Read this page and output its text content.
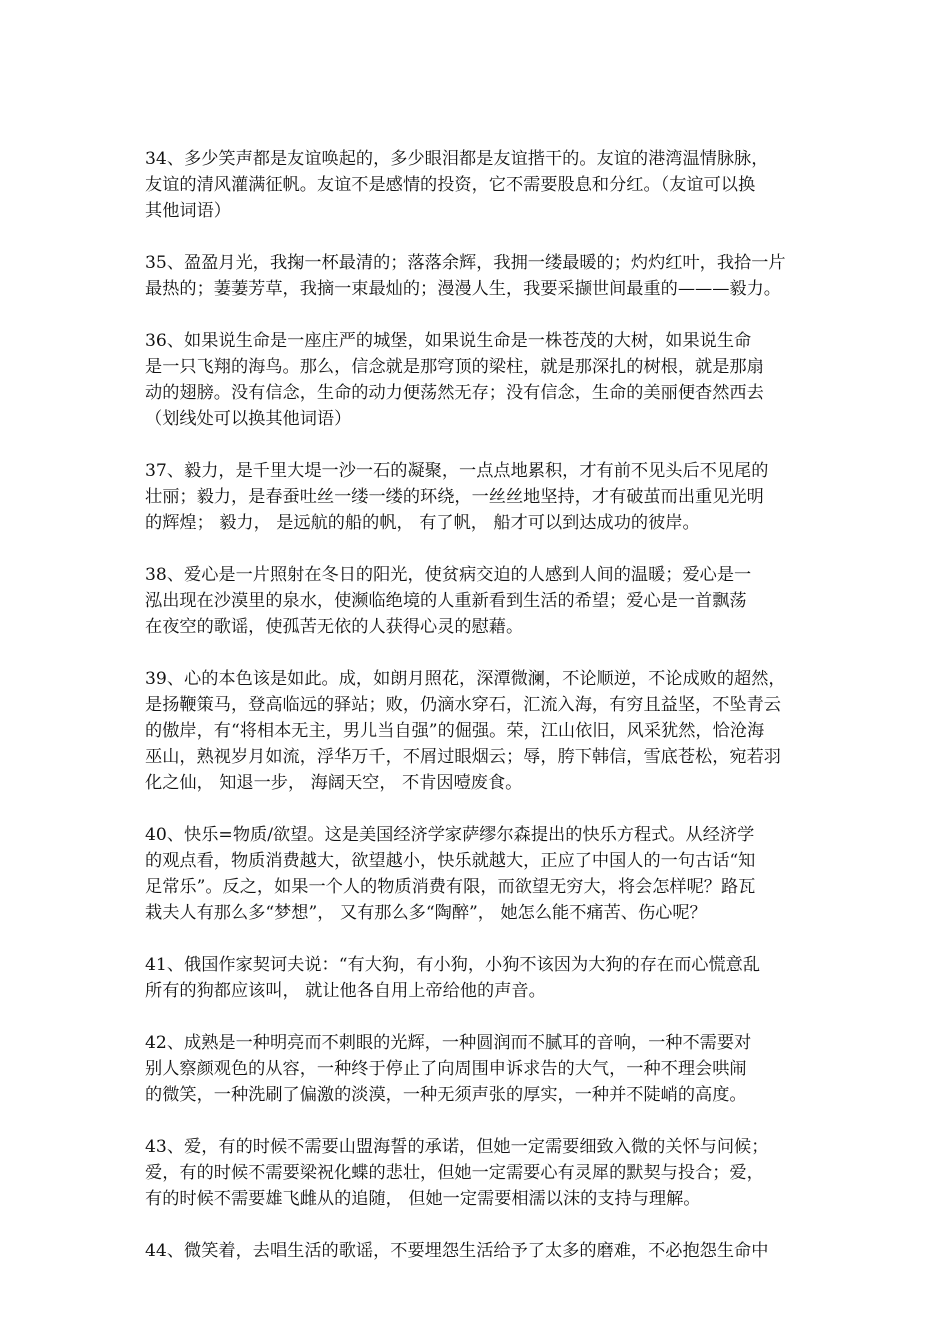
34、多少笑声都是友谊唤起的，多少眼泪都是友谊揩干的。友谊的港湾温情脉脉，
友谊的清风灌满征帆。友谊不是感情的投资，它不需要股息和分红。（友谊可以换
其他词语）

35、盈盈月光，我掬一杯最清的；落落余辉，我拥一缕最暖的；灼灼红叶，我拾一片
最热的；萋萋芳草，我摘一束最灿的；漫漫人生，我要采撷世间最重的———毅力。

36、如果说生命是一座庄严的城堡，如果说生命是一株苍茂的大树，如果说生命
是一只飞翔的海鸟。那么，信念就是那穹顶的梁柱，就是那深扎的树根，就是那扇
动的翅膀。没有信念，生命的动力便荡然无存；没有信念，生命的美丽便杳然西去
（划线处可以换其他词语）

37、毅力，是千里大堤一沙一石的凝聚，一点点地累积，才有前不见头后不见尾的
壮丽；毅力，是春蚕吐丝一缕一缕的环绕，一丝丝地坚持，才有破茧而出重见光明
的辉煌； 毅力， 是远航的船的帆， 有了帆， 船才可以到达成功的彼岸。

38、爱心是一片照射在冬日的阳光，使贫病交迫的人感到人间的温暖；爱心是一
泓出现在沙漠里的泉水，使濒临绝境的人重新看到生活的希望；爱心是一首飘荡
在夜空的歌谣，使孤苦无依的人获得心灵的慰藉。

39、心的本色该是如此。成，如朗月照花，深潭微澜，不论顺逆，不论成败的超然，
是扬鞭策马，登高临远的驿站；败，仍滴水穿石，汇流入海，有穷且益坚，不坠青云
的傲岸，有“将相本无主，男儿当自强”的倔强。荣，江山依旧，风采犹然，恰沧海
巫山，熟视岁月如流，浮华万千，不屑过眼烟云；辱，胯下韩信，雪底苍松，宛若羽
化之仙， 知退一步， 海阔天空， 不肯因噎废食。

40、快乐=物质/欲望。这是美国经济学家萨缪尔森提出的快乐方程式。从经济学
的观点看，物质消费越大，欲望越小，快乐就越大，正应了中国人的一句古话“知
足常乐”。反之，如果一个人的物质消费有限，而欲望无穷大，将会怎样呢？路瓦
栽夫人有那么多“梦想”， 又有那么多“陶醉”， 她怎么能不痛苦、伤心呢？

41、俄国作家契诃夫说：“有大狗，有小狗，小狗不该因为大狗的存在而心慌意乱
所有的狗都应该叫， 就让他各自用上帝给他的声音。

42、成熟是一种明亮而不刺眼的光辉，一种圆润而不腻耳的音响，一种不需要对
别人察颜观色的从容，一种终于停止了向周围申诉求告的大气，一种不理会哄闹
的微笑，一种洗刷了偏激的淡漠，一种无须声张的厚实，一种并不陡峭的高度。

43、爱，有的时候不需要山盟海誓的承诺，但她一定需要细致入微的关怀与问候；
爱，有的时候不需要梁祝化蝶的悲壮，但她一定需要心有灵犀的默契与投合；爱，
有的时候不需要雄飞雌从的追随， 但她一定需要相濡以沫的支持与理解。

44、微笑着，去唱生活的歌谣，不要埋怨生活给予了太多的磨难，不必抱怨生命中
